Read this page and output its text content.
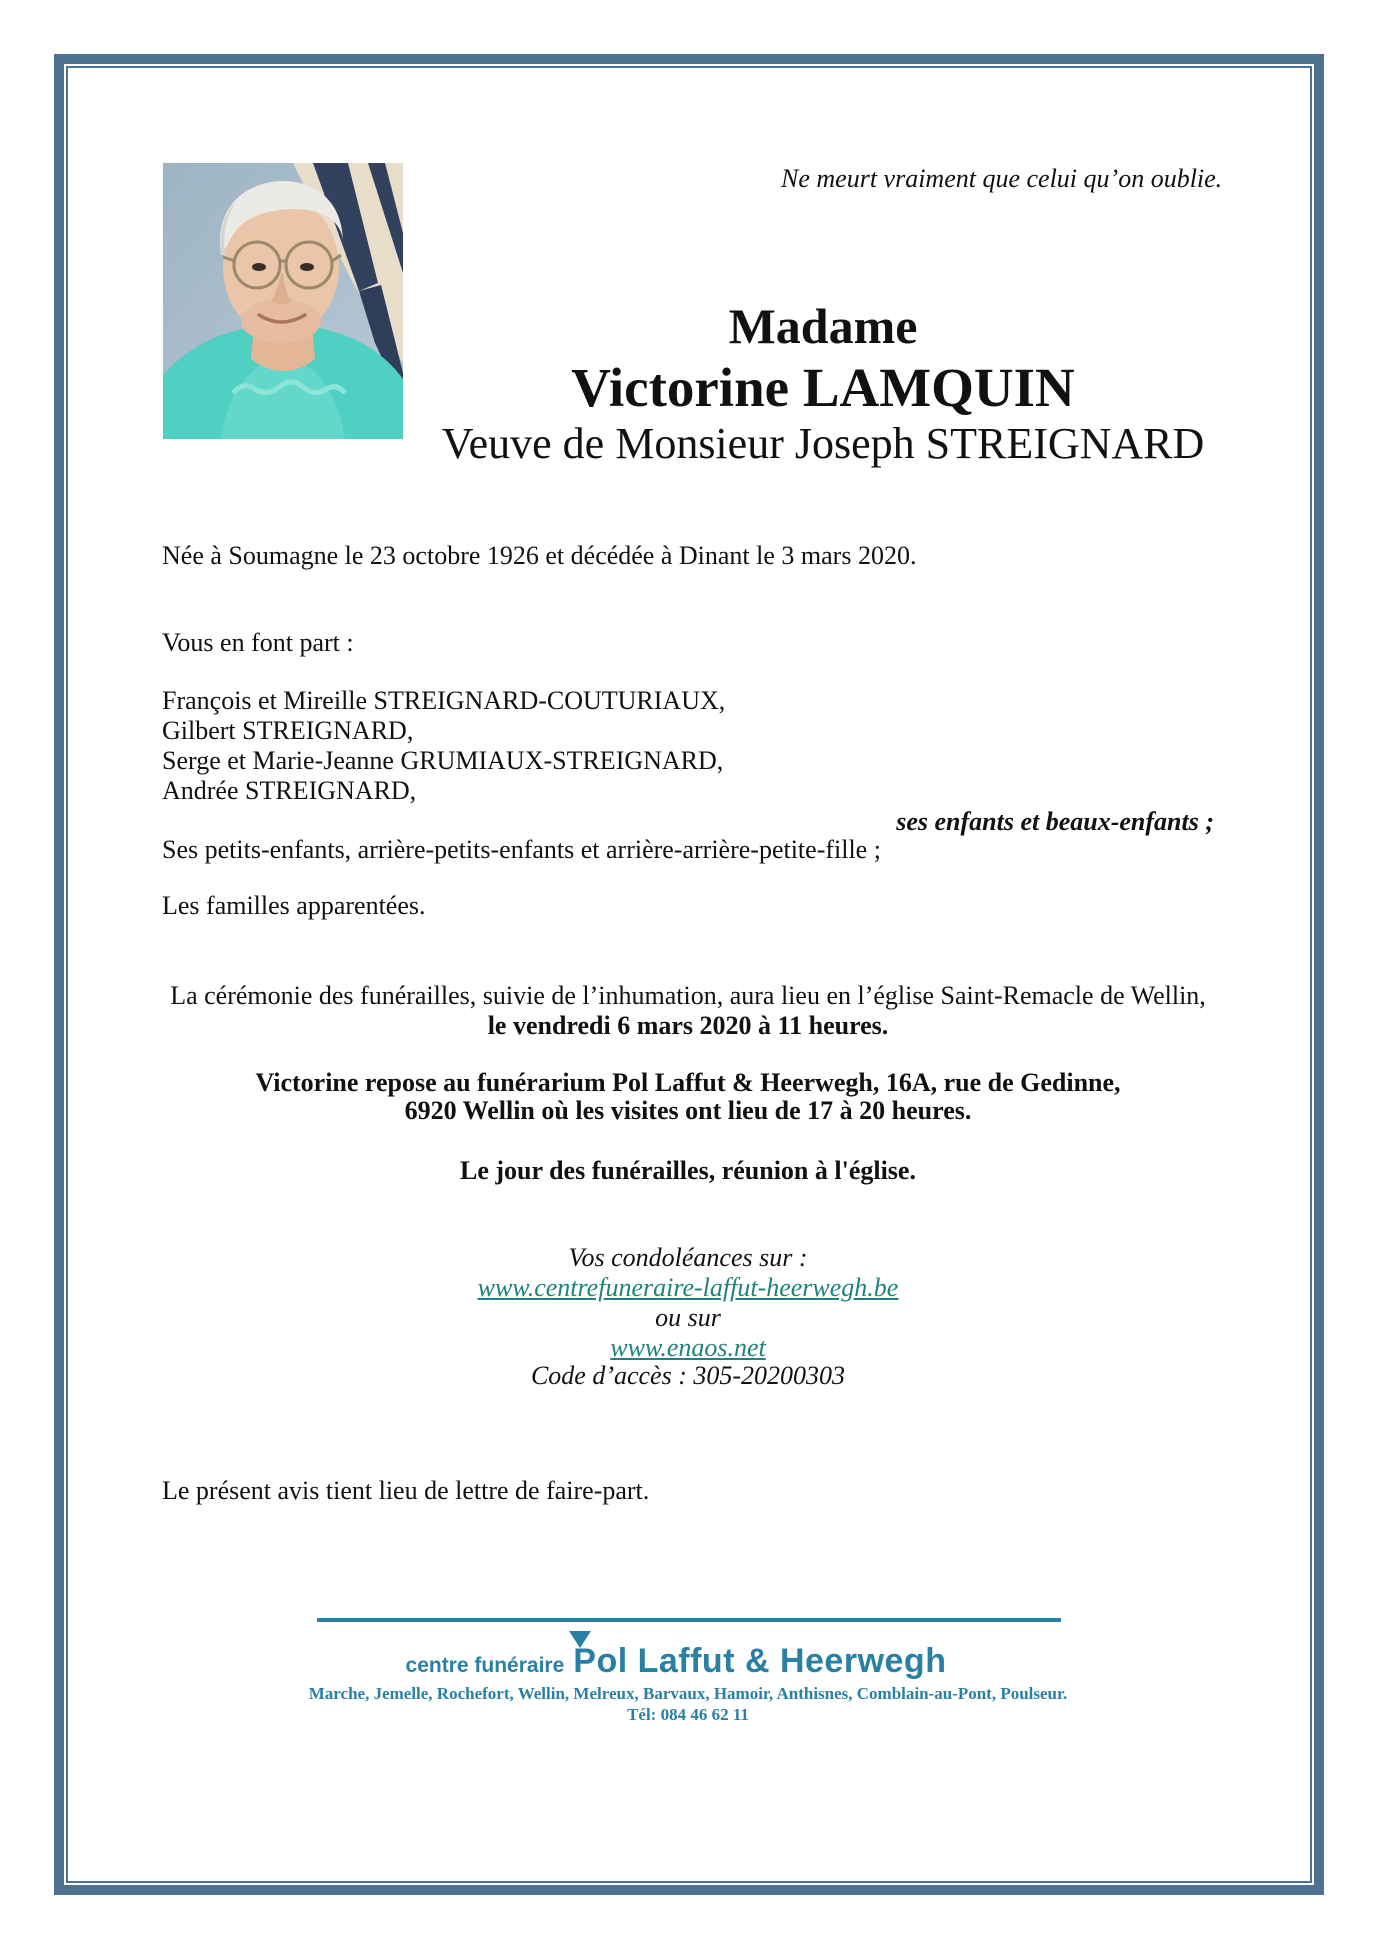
Ne meurt vraiment que celui qu’on oublie.
Madame
Victorine LAMQUIN
Veuve de Monsieur Joseph STREIGNARD
Née à Soumagne le 23 octobre 1926 et décédée à Dinant le 3 mars 2020.
Vous en font part :
François et Mireille STREIGNARD-COUTURIAUX,
Gilbert STREIGNARD,
Serge et Marie-Jeanne GRUMIAUX-STREIGNARD,
Andrée STREIGNARD,
ses enfants et beaux-enfants ;
Ses petits-enfants, arrière-petits-enfants et arrière-arrière-petite-fille ;
Les familles apparentées.
La cérémonie des funérailles, suivie de l’inhumation, aura lieu en l’église Saint-Remacle de Wellin,
le vendredi 6 mars 2020 à 11 heures.
Victorine repose au funérarium Pol Laffut & Heerwegh, 16A, rue de Gedinne,
6920 Wellin où les visites ont lieu de 17 à 20 heures.
Le jour des funérailles, réunion à l'église.
Vos condoléances sur :
www.centrefuneraire-laffut-heerwegh.be
ou sur
www.enaos.net
Code d’accès : 305-20200303
Le présent avis tient lieu de lettre de faire-part.
centre funéraire Pol Laffut & Heerwegh
Marche, Jemelle, Rochefort, Wellin, Melreux, Barvaux, Hamoir, Anthisnes, Comblain-au-Pont, Poulseur.
Tél: 084 46 62 11
